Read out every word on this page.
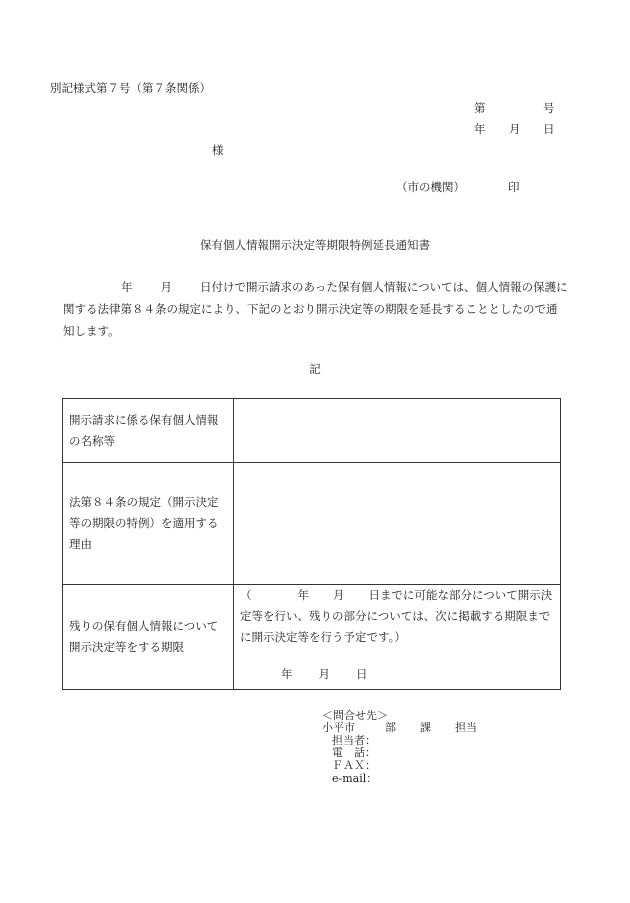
別記様式第７号（第７条関係）
第	号
年 月 日
様
（市の機関）	印
保有個人情報開示決定等期限特例延長通知書
年 月 日付けで開示請求のあった保有個人情報については、個人情報の保護に
関する法律第８４条の規定により、下記のとおり開示決定等の期限を延長することとしたので通
知します。
記
開示請求に係る保有個人情報の名称等	

法第８４条の規定（開示決定等の期限の特例）を適用する理由	

残りの保有個人情報について開示決定等をする期限	（ 年 月 日までに可能な部分について開示決
定等を行い、残りの部分については、次に掲載する期限まで
に開示決定等を行う予定です。）
年 月 日
＜問合せ先＞
小平市	部 課 担当
担当者：
電　話：
ＦＡＸ：
e-mail：
